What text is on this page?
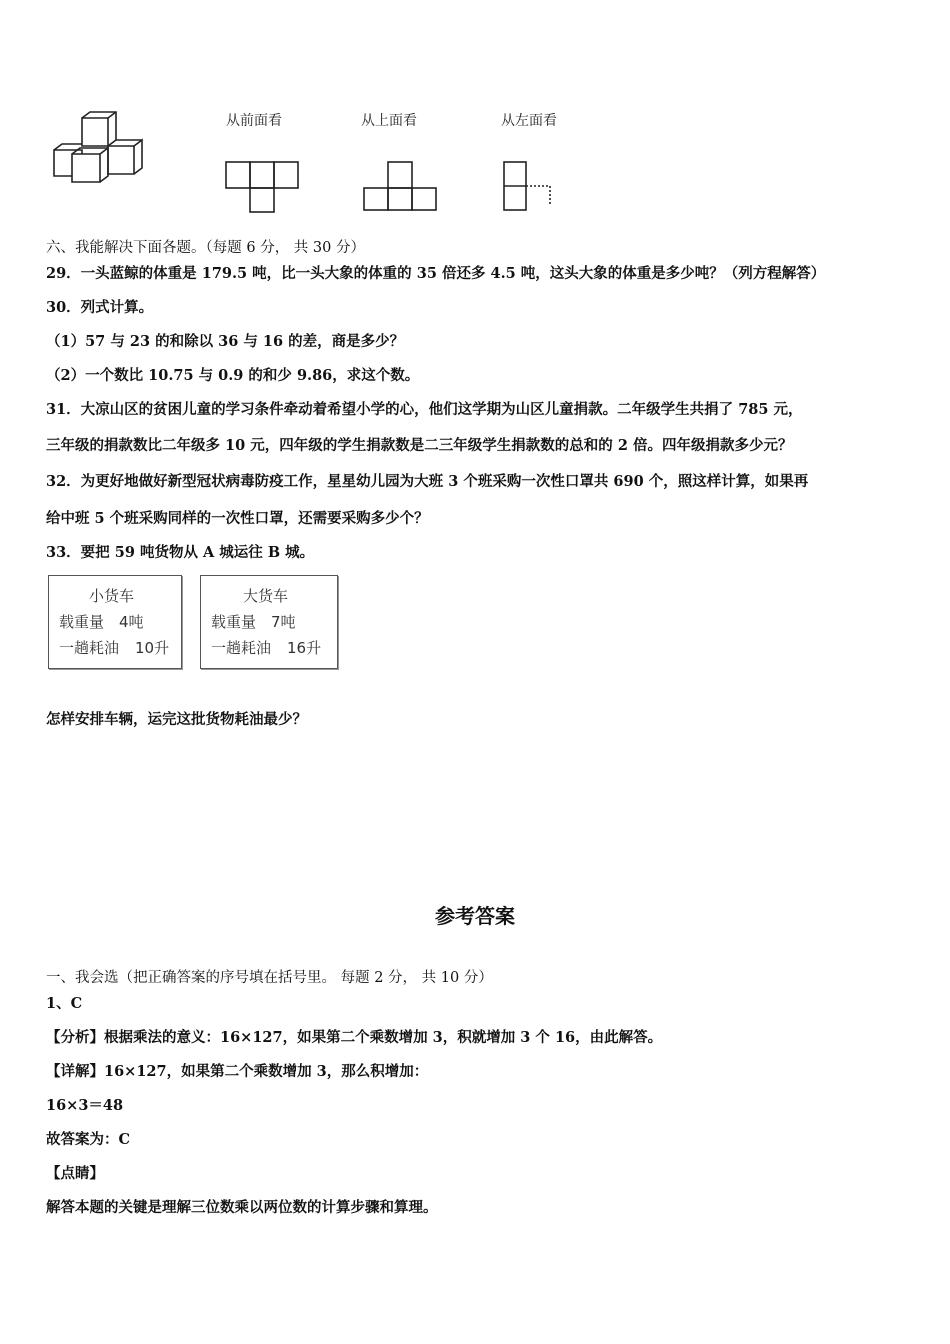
从前面看	从上面看	从左面看
六、我能解决下面各题。（每题 6 分， 共 30 分）
29．一头蓝鲸的体重是 179.5 吨，比一头大象的体重的 35 倍还多 4.5 吨，这头大象的体重是多少吨？（列方程解答）
30．列式计算。
（1）57 与 23 的和除以 36 与 16 的差，商是多少？
（2）一个数比 10.75 与 0.9 的和少 9.86，求这个数。
31．大凉山区的贫困儿童的学习条件牵动着希望小学的心，他们这学期为山区儿童捐款。二年级学生共捐了 785 元，
三年级的捐款数比二年级多 10 元，四年级的学生捐款数是二三年级学生捐款数的总和的 2 倍。四年级捐款多少元？
32．为更好地做好新型冠状病毒防疫工作，星星幼儿园为大班 3 个班采购一次性口罩共 690 个，照这样计算，如果再
给中班 5 个班采购同样的一次性口罩，还需要采购多少个？
33．要把 59 吨货物从 A 城运往 B 城。
小货车
载重量 4吨
一趟耗油 10升
大货车
载重量 7吨
一趟耗油 16升
怎样安排车辆，运完这批货物耗油最少？
参考答案
一、我会选（把正确答案的序号填在括号里。 每题 2 分， 共 10 分）
1、C
【分析】根据乘法的意义：16×127，如果第二个乘数增加 3，积就增加 3 个 16，由此解答。
【详解】16×127，如果第二个乘数增加 3，那么积增加：
16×3＝48
故答案为：C
【点睛】
解答本题的关键是理解三位数乘以两位数的计算步骤和算理。
